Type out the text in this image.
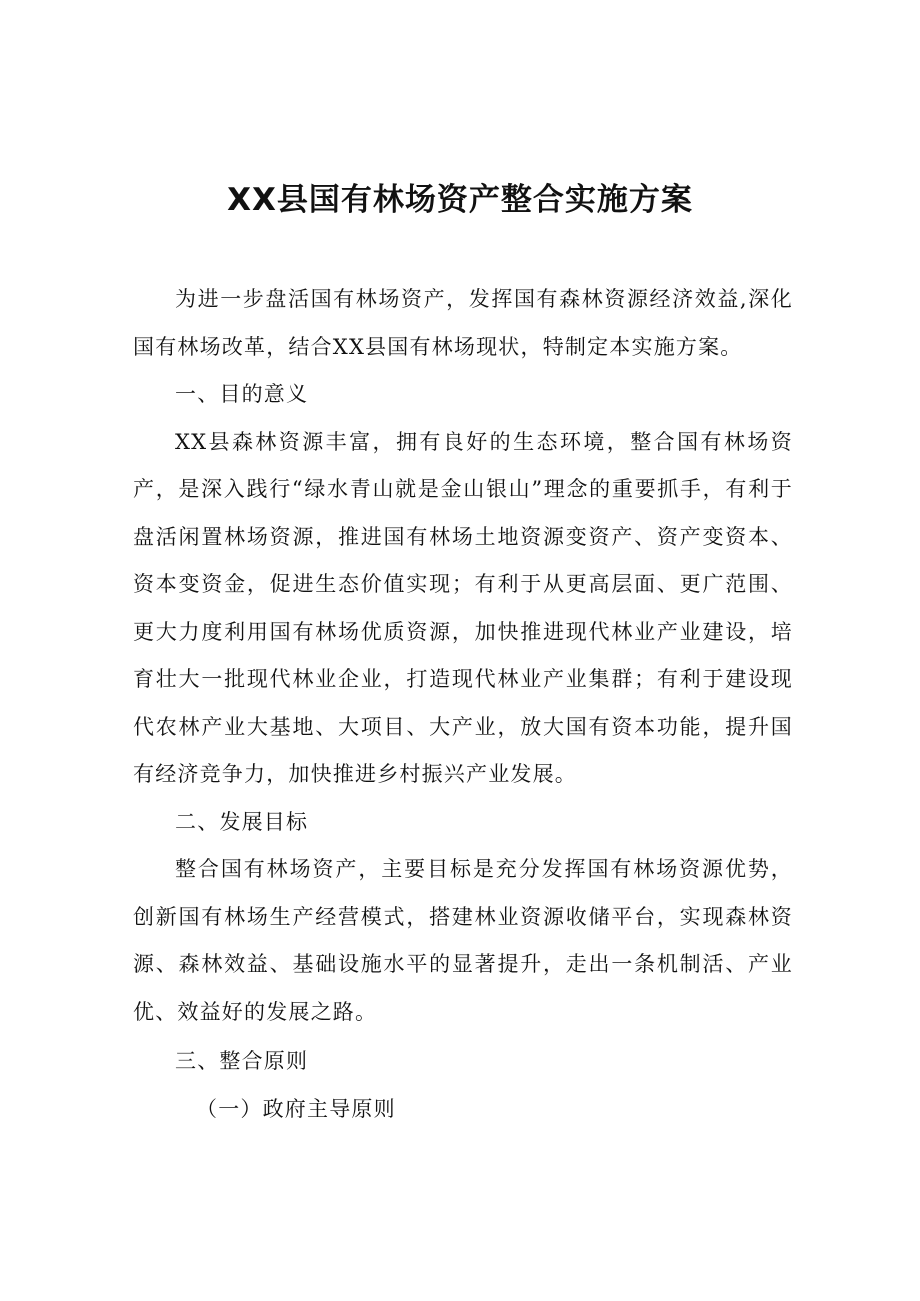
XX县国有林场资产整合实施方案

为进一步盘活国有林场资产，发挥国有森林资源经济效益,深化国有林场改革，结合XX县国有林场现状，特制定本实施方案。

一、目的意义

XX县森林资源丰富，拥有良好的生态环境，整合国有林场资产，是深入践行“绿水青山就是金山银山”理念的重要抓手，有利于盘活闲置林场资源，推进国有林场土地资源变资产、资产变资本、资本变资金，促进生态价值实现；有利于从更高层面、更广范围、更大力度利用国有林场优质资源，加快推进现代林业产业建设，培育壮大一批现代林业企业，打造现代林业产业集群；有利于建设现代农林产业大基地、大项目、大产业，放大国有资本功能，提升国有经济竞争力，加快推进乡村振兴产业发展。

二、发展目标

整合国有林场资产，主要目标是充分发挥国有林场资源优势，创新国有林场生产经营模式，搭建林业资源收储平台，实现森林资源、森林效益、基础设施水平的显著提升，走出一条机制活、产业优、效益好的发展之路。

三、整合原则

（一）政府主导原则
